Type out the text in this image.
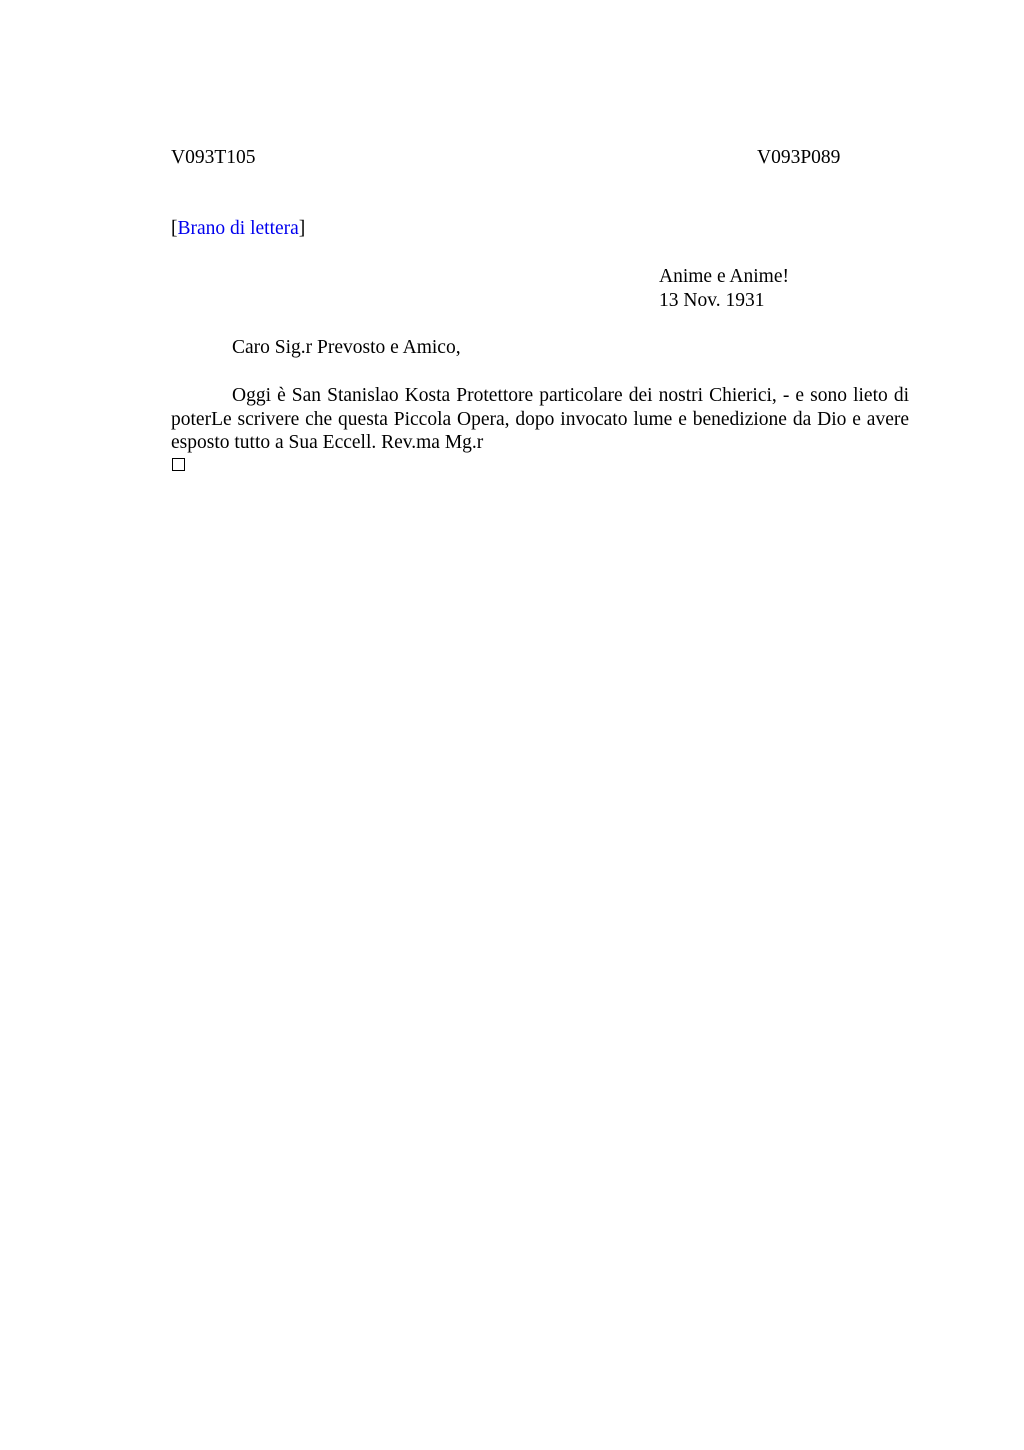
V093T105	V093P089
[Brano di lettera]
Anime e Anime!
13 Nov. 1931
Caro Sig.r Prevosto e Amico,

Oggi è San Stanislao Kosta Protettore particolare dei nostri Chierici, - e sono lieto di poterLe scrivere che questa Piccola Opera, dopo invocato lume e benedizione da Dio e avere esposto tutto a Sua Eccell. Rev.ma Mg.r
